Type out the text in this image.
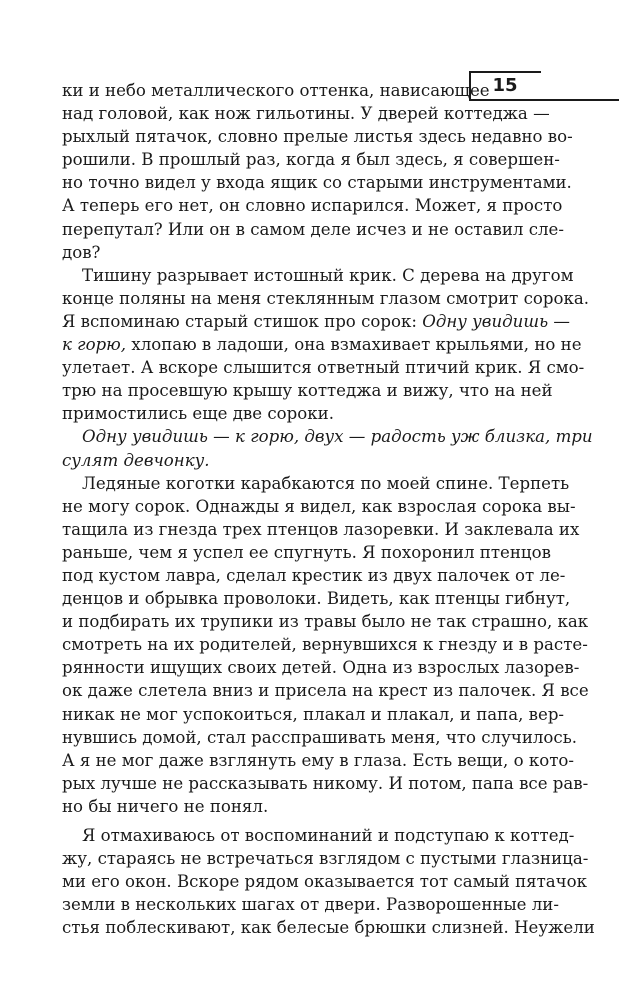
15
ки и небо металлического оттенка, нависающее
над головой, как нож гильотины. У дверей коттеджа —
рыхлый пятачок, словно прелые листья здесь недавно во-
рошили. В прошлый раз, когда я был здесь, я совершен-
но точно видел у входа ящик со старыми инструментами.
А теперь его нет, он словно испарился. Может, я просто
перепутал? Или он в самом деле исчез и не оставил сле-
дов?
Тишину разрывает истошный крик. С дерева на другом
конце поляны на меня стеклянным глазом смотрит сорока.
Я вспоминаю старый стишок про сорок: Одну увидишь —
к горю, хлопаю в ладоши, она взмахивает крыльями, но не
улетает. А вскоре слышится ответный птичий крик. Я смо-
трю на просевшую крышу коттеджа и вижу, что на ней
примостились еще две сороки.
Одну увидишь — к горю, двух — радость уж близка, три
сулят девчонку.
Ледяные коготки карабкаются по моей спине. Терпеть
не могу сорок. Однажды я видел, как взрослая сорока вы-
тащила из гнезда трех птенцов лазоревки. И заклевала их
раньше, чем я успел ее спугнуть. Я похоронил птенцов
под кустом лавра, сделал крестик из двух палочек от ле-
денцов и обрывка проволоки. Видеть, как птенцы гибнут,
и подбирать их трупики из травы было не так страшно, как
смотреть на их родителей, вернувшихся к гнезду и в расте-
рянности ищущих своих детей. Одна из взрослых лазорев-
ок даже слетела вниз и присела на крест из палочек. Я все
никак не мог успокоиться, плакал и плакал, и папа, вер-
нувшись домой, стал расспрашивать меня, что случилось.
А я не мог даже взглянуть ему в глаза. Есть вещи, о кото-
рых лучше не рассказывать никому. И потом, папа все рав-
но бы ничего не понял.
Я отмахиваюсь от воспоминаний и подступаю к коттед-
жу, стараясь не встречаться взглядом с пустыми глазница-
ми его окон. Вскоре рядом оказывается тот самый пятачок
земли в нескольких шагах от двери. Разворошенные ли-
стья поблескивают, как белесые брюшки слизней. Неужели
